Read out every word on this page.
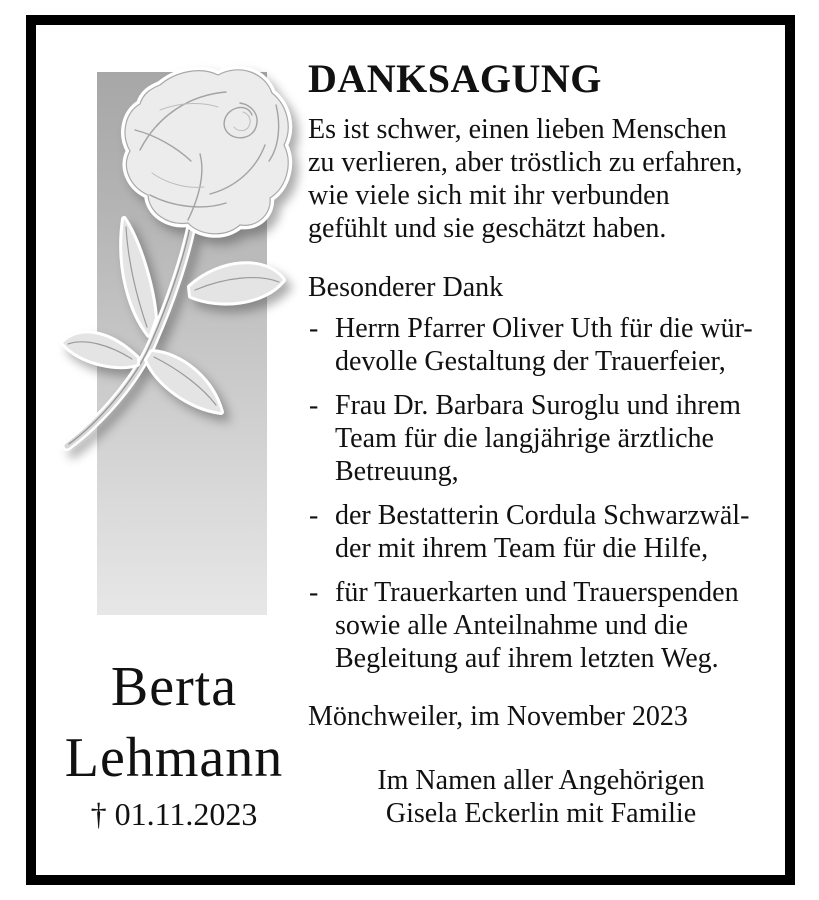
Berta
Lehmann
† 01.11.2023
DANKSAGUNG
Es ist schwer, einen lieben Menschen
zu verlieren, aber tröstlich zu erfahren,
wie viele sich mit ihr verbunden
gefühlt und sie geschätzt haben.
Besonderer Dank
- Herrn Pfarrer Oliver Uth für die wür-
devolle Gestaltung der Trauerfeier,
- Frau Dr. Barbara Suroglu und ihrem
Team für die langjährige ärztliche
Betreuung,
- der Bestatterin Cordula Schwarzwäl-
der mit ihrem Team für die Hilfe,
- für Trauerkarten und Trauerspenden
sowie alle Anteilnahme und die
Begleitung auf ihrem letzten Weg.
Mönchweiler, im November 2023
Im Namen aller Angehörigen
Gisela Eckerlin mit Familie
